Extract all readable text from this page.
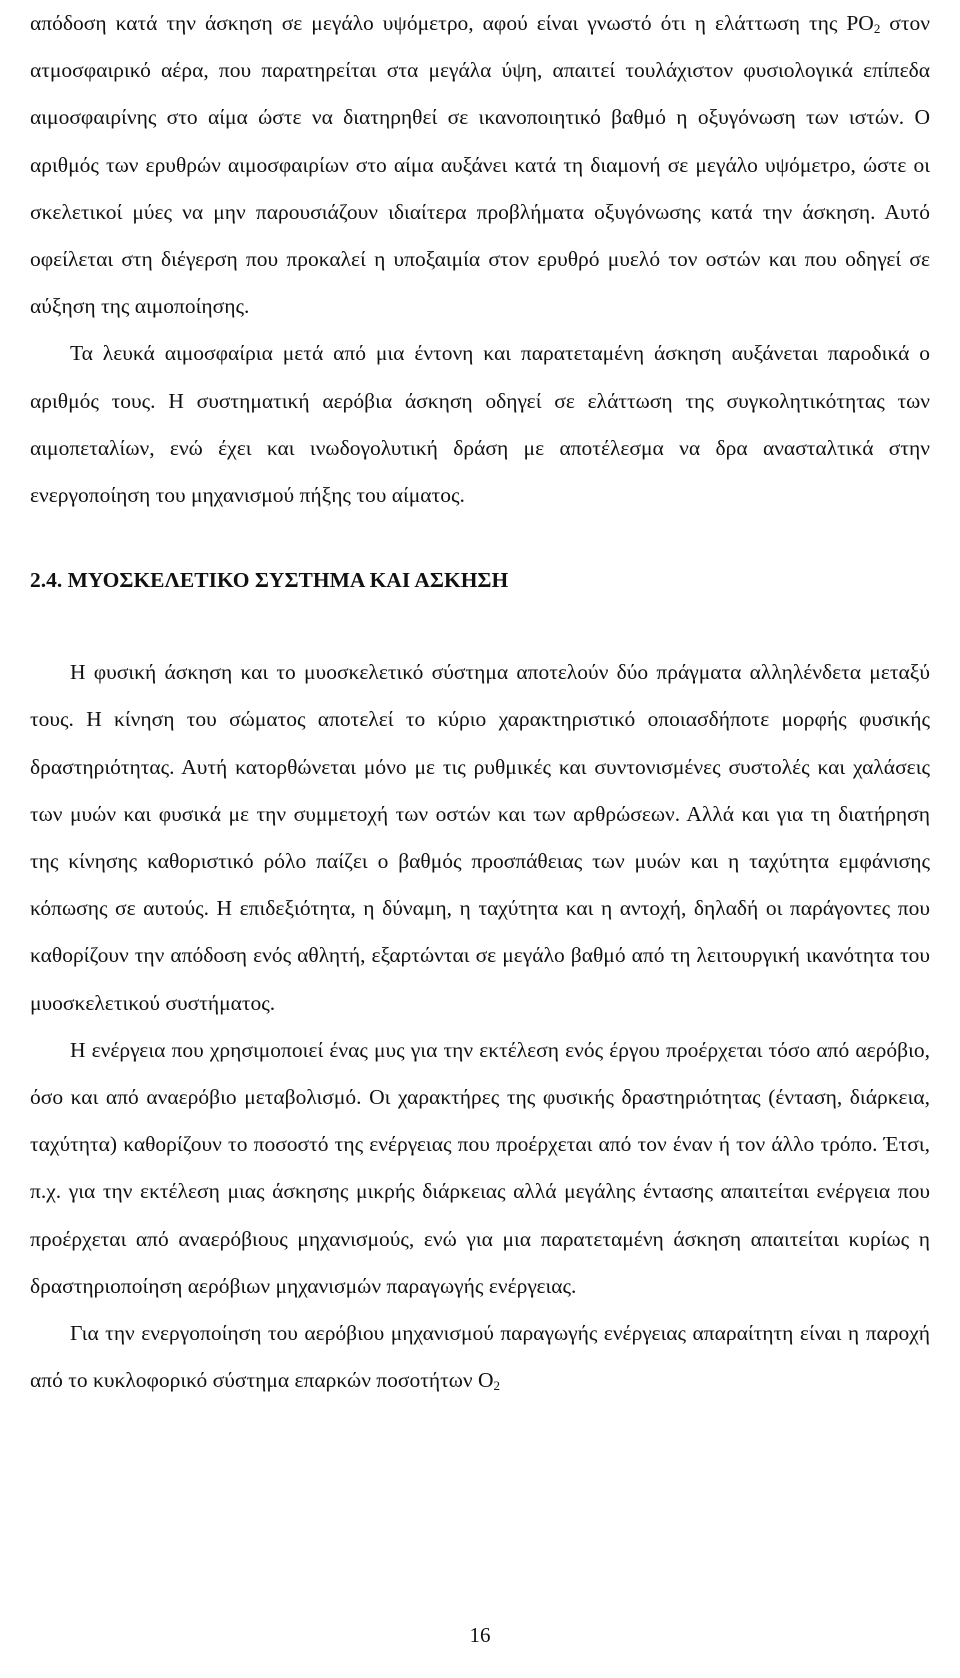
απόδοση κατά την άσκηση σε μεγάλο υψόμετρο, αφού είναι γνωστό ότι η ελάττωση της $PO_2$ στον ατμοσφαιρικό αέρα, που παρατηρείται στα μεγάλα ύψη, απαιτεί τουλάχιστον φυσιολογικά επίπεδα αιμοσφαιρίνης στο αίμα ώστε να διατηρηθεί σε ικανοποιητικό βαθμό η οξυγόνωση των ιστών. Ο αριθμός των ερυθρών αιμοσφαιρίων στο αίμα αυξάνει κατά τη διαμονή σε μεγάλο υψόμετρο, ώστε οι σκελετικοί μύες να μην παρουσιάζουν ιδιαίτερα προβλήματα οξυγόνωσης κατά την άσκηση. Αυτό οφείλεται στη διέγερση που προκαλεί η υποξαιμία στον ερυθρό μυελό τον οστών και που οδηγεί σε αύξηση της αιμοποίησης.

Τα λευκά αιμοσφαίρια μετά από μια έντονη και παρατεταμένη άσκηση αυξάνεται παροδικά ο αριθμός τους. Η συστηματική αερόβια άσκηση οδηγεί σε ελάττωση της συγκολητικότητας των αιμοπεταλίων, ενώ έχει και ινωδογολυτική δράση με αποτέλεσμα να δρα ανασταλτικά στην ενεργοποίηση του μηχανισμού πήξης του αίματος.

2.4. ΜΥΟΣΚΕΛΕΤΙΚΟ ΣΥΣΤΗΜΑ ΚΑΙ ΑΣΚΗΣΗ

Η φυσική άσκηση και το μυοσκελετικό σύστημα αποτελούν δύο πράγματα αλληλένδετα μεταξύ τους. Η κίνηση του σώματος αποτελεί το κύριο χαρακτηριστικό οποιασδήποτε μορφής φυσικής δραστηριότητας. Αυτή κατορθώνεται μόνο με τις ρυθμικές και συντονισμένες συστολές και χαλάσεις των μυών και φυσικά με την συμμετοχή των οστών και των αρθρώσεων. Αλλά και για τη διατήρηση της κίνησης καθοριστικό ρόλο παίζει ο βαθμός προσπάθειας των μυών και η ταχύτητα εμφάνισης κόπωσης σε αυτούς. Η επιδεξιότητα, η δύναμη, η ταχύτητα και η αντοχή, δηλαδή οι παράγοντες που καθορίζουν την απόδοση ενός αθλητή, εξαρτώνται σε μεγάλο βαθμό από τη λειτουργική ικανότητα του μυοσκελετικού συστήματος.

Η ενέργεια που χρησιμοποιεί ένας μυς για την εκτέλεση ενός έργου προέρχεται τόσο από αερόβιο, όσο και από αναερόβιο μεταβολισμό. Οι χαρακτήρες της φυσικής δραστηριότητας (ένταση, διάρκεια, ταχύτητα) καθορίζουν το ποσοστό της ενέργειας που προέρχεται από τον έναν ή τον άλλο τρόπο. Έτσι, π.χ. για την εκτέλεση μιας άσκησης μικρής διάρκειας αλλά μεγάλης έντασης απαιτείται ενέργεια που προέρχεται από αναερόβιους μηχανισμούς, ενώ για μια παρατεταμένη άσκηση απαιτείται κυρίως η δραστηριοποίηση αερόβιων μηχανισμών παραγωγής ενέργειας.

Για την ενεργοποίηση του αερόβιου μηχανισμού παραγωγής ενέργειας απαραίτητη είναι η παροχή από το κυκλοφορικό σύστημα επαρκών ποσοτήτων $O_2$

16
